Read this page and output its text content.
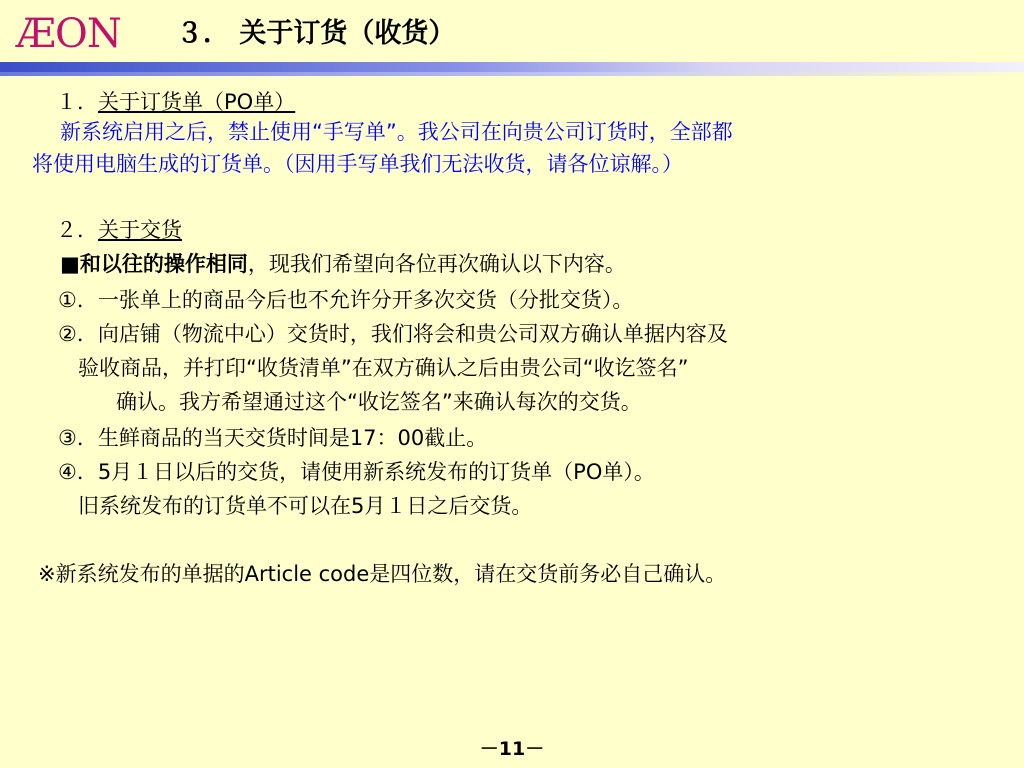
ÆON ３． 关于订货（收货）
１．关于订货单（PO单）
新系统启用之后，禁止使用“手写单”。我公司在向贵公司订货时，全部都
将使用电脑生成的订货单。（因用手写单我们无法收货，请各位谅解。）
２．关于交货
■和以往的操作相同，现我们希望向各位再次确认以下内容。
①．一张单上的商品今后也不允许分开多次交货（分批交货）。
②．向店铺（物流中心）交货时，我们将会和贵公司双方确认单据内容及
验收商品，并打印“收货清单”在双方确认之后由贵公司“收讫签名”
确认。我方希望通过这个“收讫签名”来确认每次的交货。
③．生鲜商品的当天交货时间是17：00截止。
④．5月１日以后的交货，请使用新系统发布的订货单（PO单）。
旧系统发布的订货单不可以在5月１日之后交货。
※新系统发布的单据的Article code是四位数，请在交货前务必自己确认。
－11－
